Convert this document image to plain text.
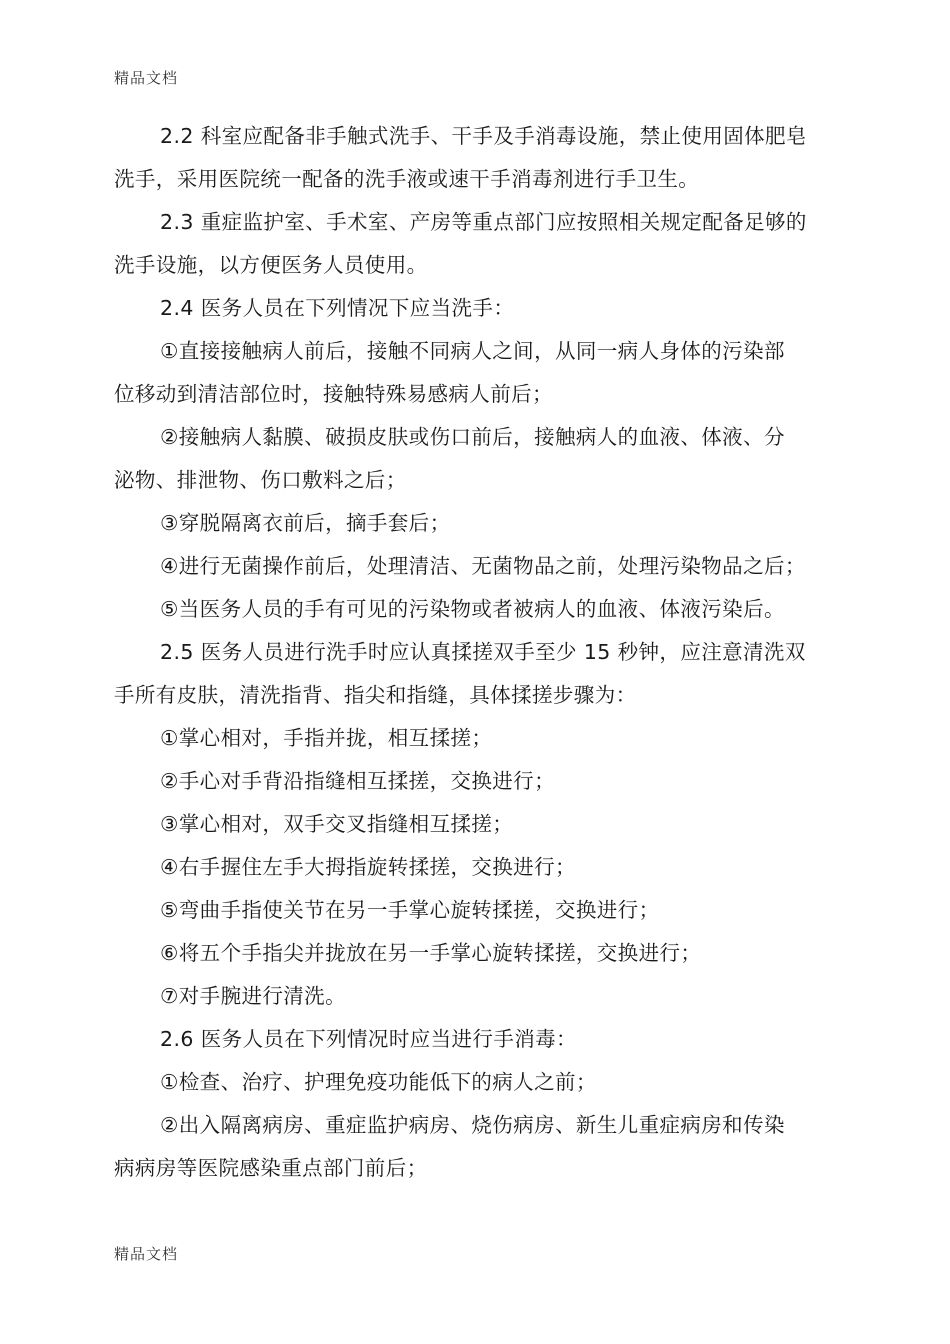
精品文档
2.2 科室应配备非手触式洗手、干手及手消毒设施，禁止使用固体肥皂
洗手，采用医院统一配备的洗手液或速干手消毒剂进行手卫生。
2.3 重症监护室、手术室、产房等重点部门应按照相关规定配备足够的
洗手设施，以方便医务人员使用。
2.4 医务人员在下列情况下应当洗手：
①直接接触病人前后，接触不同病人之间，从同一病人身体的污染部
位移动到清洁部位时，接触特殊易感病人前后；
②接触病人黏膜、破损皮肤或伤口前后，接触病人的血液、体液、分
泌物、排泄物、伤口敷料之后；
③穿脱隔离衣前后，摘手套后；
④进行无菌操作前后，处理清洁、无菌物品之前，处理污染物品之后；
⑤当医务人员的手有可见的污染物或者被病人的血液、体液污染后。
2.5 医务人员进行洗手时应认真揉搓双手至少 15 秒钟，应注意清洗双
手所有皮肤，清洗指背、指尖和指缝，具体揉搓步骤为：
①掌心相对，手指并拢，相互揉搓；
②手心对手背沿指缝相互揉搓，交换进行；
③掌心相对，双手交叉指缝相互揉搓；
④右手握住左手大拇指旋转揉搓，交换进行；
⑤弯曲手指使关节在另一手掌心旋转揉搓，交换进行；
⑥将五个手指尖并拢放在另一手掌心旋转揉搓，交换进行；
⑦对手腕进行清洗。
2.6 医务人员在下列情况时应当进行手消毒：
①检查、治疗、护理免疫功能低下的病人之前；
②出入隔离病房、重症监护病房、烧伤病房、新生儿重症病房和传染
病病房等医院感染重点部门前后；
精品文档
